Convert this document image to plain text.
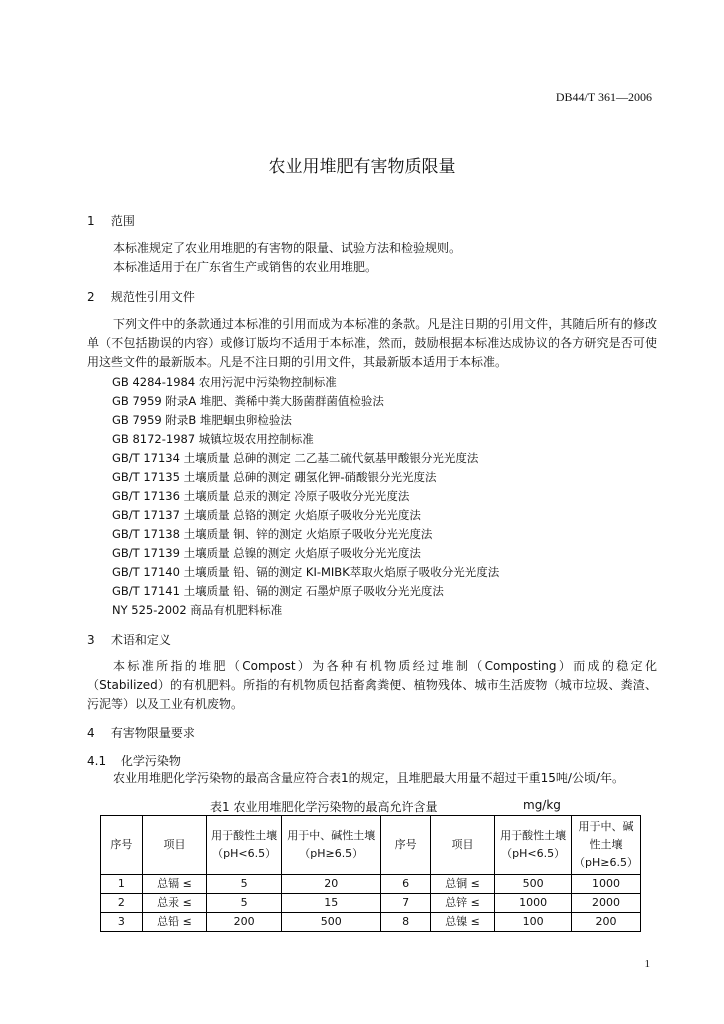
DB44/T 361—2006
农业用堆肥有害物质限量
1 范围
本标准规定了农业用堆肥的有害物的限量、试验方法和检验规则。
本标准适用于在广东省生产或销售的农业用堆肥。
2 规范性引用文件
下列文件中的条款通过本标准的引用而成为本标准的条款。凡是注日期的引用文件，其随后所有的修改单（不包括勘误的内容）或修订版均不适用于本标准，然而，鼓励根据本标准达成协议的各方研究是否可使用这些文件的最新版本。凡是不注日期的引用文件，其最新版本适用于本标准。
GB 4284-1984 农用污泥中污染物控制标准
GB 7959 附录A 堆肥、粪稀中粪大肠菌群菌值检验法
GB 7959 附录B 堆肥蛔虫卵检验法
GB 8172-1987 城镇垃圾农用控制标准
GB/T 17134 土壤质量 总砷的测定 二乙基二硫代氨基甲酸银分光光度法
GB/T 17135 土壤质量 总砷的测定 硼氢化钾-硝酸银分光光度法
GB/T 17136 土壤质量 总汞的测定 冷原子吸收分光光度法
GB/T 17137 土壤质量 总铬的测定 火焰原子吸收分光光度法
GB/T 17138 土壤质量 铜、锌的测定 火焰原子吸收分光光度法
GB/T 17139 土壤质量 总镍的测定 火焰原子吸收分光光度法
GB/T 17140 土壤质量 铅、镉的测定 KI-MIBK萃取火焰原子吸收分光光度法
GB/T 17141 土壤质量 铅、镉的测定 石墨炉原子吸收分光光度法
NY 525-2002 商品有机肥料标准
3 术语和定义
本标准所指的堆肥（Compost）为各种有机物质经过堆制（Composting）而成的稳定化（Stabilized）的有机肥料。所指的有机物质包括畜禽粪便、植物残体、城市生活废物（城市垃圾、粪渣、污泥等）以及工业有机废物。
4 有害物限量要求
4.1 化学污染物
农业用堆肥化学污染物的最高含量应符合表1的规定，且堆肥最大用量不超过干重15吨/公顷/年。
表1 农业用堆肥化学污染物的最高允许含量	mg/kg
序号	项目	用于酸性土壤（pH<6.5）	用于中、碱性土壤（pH≥6.5）	序号	项目	用于酸性土壤（pH<6.5）	用于中、碱性土壤（pH≥6.5）
1	总镉 ≤	5	20	6	总铜 ≤	500	1000
2	总汞 ≤	5	15	7	总锌 ≤	1000	2000
3	总铅 ≤	200	500	8	总镍 ≤	100	200
1
